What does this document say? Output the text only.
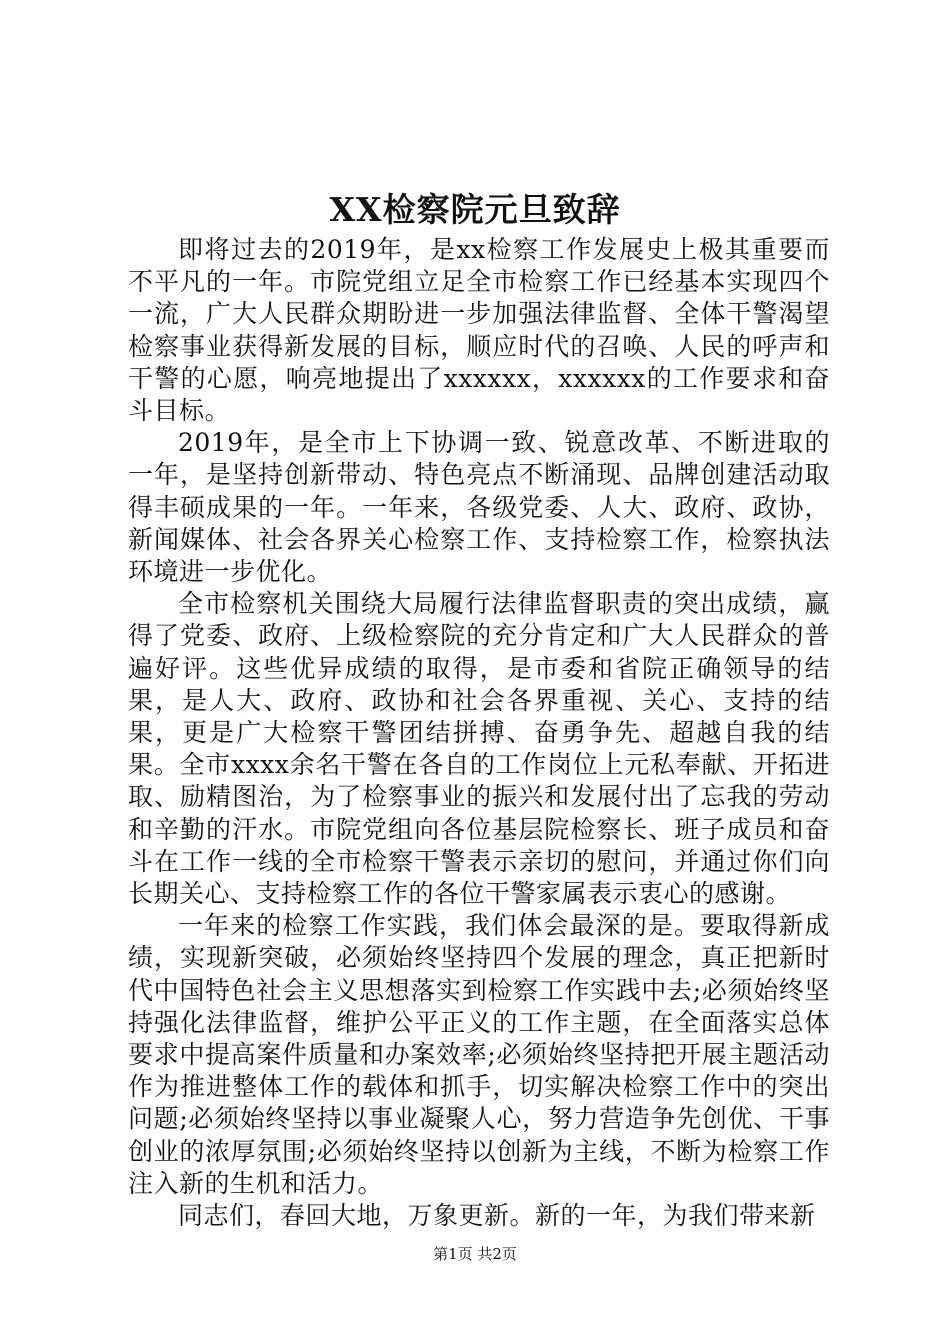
XX检察院元旦致辞

即将过去的2019年，是xx检察工作发展史上极其重要而不平凡的一年。市院党组立足全市检察工作已经基本实现四个一流，广大人民群众期盼进一步加强法律监督、全体干警渴望检察事业获得新发展的目标，顺应时代的召唤、人民的呼声和干警的心愿，响亮地提出了xxxxxx，xxxxxx的工作要求和奋斗目标。

2019年，是全市上下协调一致、锐意改革、不断进取的一年，是坚持创新带动、特色亮点不断涌现、品牌创建活动取得丰硕成果的一年。一年来，各级党委、人大、政府、政协，新闻媒体、社会各界关心检察工作、支持检察工作，检察执法环境进一步优化。

全市检察机关围绕大局履行法律监督职责的突出成绩，赢得了党委、政府、上级检察院的充分肯定和广大人民群众的普遍好评。这些优异成绩的取得，是市委和省院正确领导的结果，是人大、政府、政协和社会各界重视、关心、支持的结果，更是广大检察干警团结拼搏、奋勇争先、超越自我的结果。全市xxxx余名干警在各自的工作岗位上元私奉献、开拓进取、励精图治，为了检察事业的振兴和发展付出了忘我的劳动和辛勤的汗水。市院党组向各位基层院检察长、班子成员和奋斗在工作一线的全市检察干警表示亲切的慰问，并通过你们向长期关心、支持检察工作的各位干警家属表示衷心的感谢。

一年来的检察工作实践，我们体会最深的是。要取得新成绩，实现新突破，必须始终坚持四个发展的理念，真正把新时代中国特色社会主义思想落实到检察工作实践中去;必须始终坚持强化法律监督，维护公平正义的工作主题，在全面落实总体要求中提高案件质量和办案效率;必须始终坚持把开展主题活动作为推进整体工作的载体和抓手，切实解决检察工作中的突出问题;必须始终坚持以事业凝聚人心，努力营造争先创优、干事创业的浓厚氛围;必须始终坚持以创新为主线，不断为检察工作注入新的生机和活力。

同志们，春回大地，万象更新。新的一年，为我们带来新

第1页 共2页
